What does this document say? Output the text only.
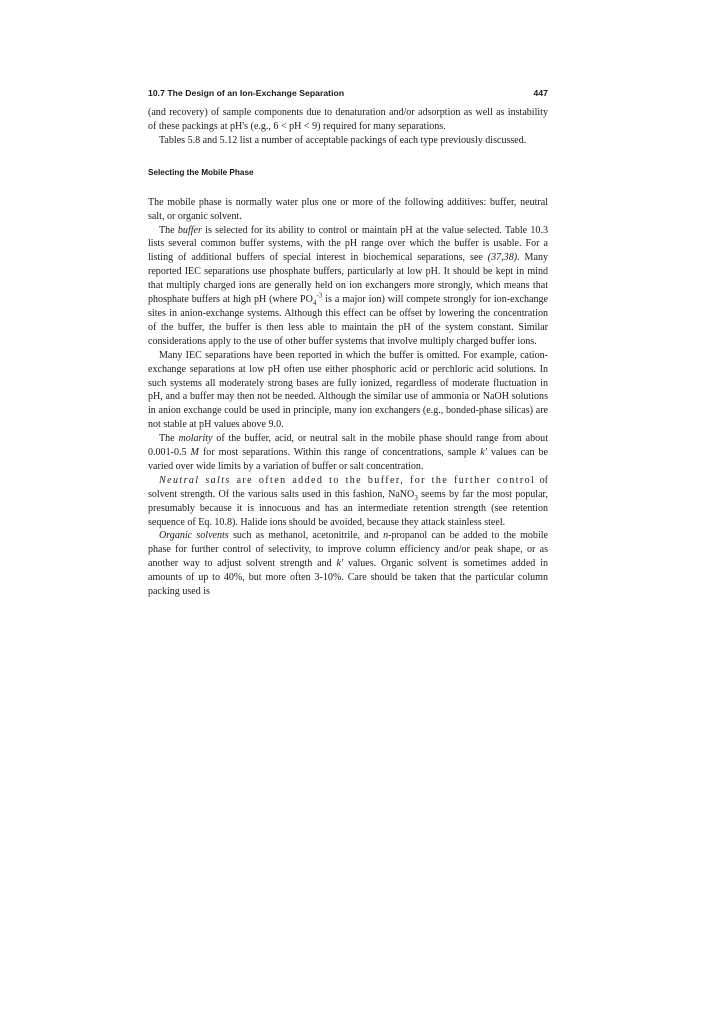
10.7 The Design of an Ion-Exchange Separation	447

(and recovery) of sample components due to denaturation and/or adsorption as well as instability of these packings at pH's (e.g., 6 < pH < 9) required for many separations.

Tables 5.8 and 5.12 list a number of acceptable packings of each type previously discussed.

Selecting the Mobile Phase

The mobile phase is normally water plus one or more of the following additives: buffer, neutral salt, or organic solvent.

The buffer is selected for its ability to control or maintain pH at the value selected. Table 10.3 lists several common buffer systems, with the pH range over which the buffer is usable. For a listing of additional buffers of special interest in biochemical separations, see (37,38). Many reported IEC separations use phosphate buffers, particularly at low pH. It should be kept in mind that multiply charged ions are generally held on ion exchangers more strongly, which means that phosphate buffers at high pH (where $PO_4^{-3}$ is a major ion) will compete strongly for ion-exchange sites in anion-exchange systems. Although this effect can be offset by lowering the concentration of the buffer, the buffer is then less able to maintain the pH of the system constant. Similar considerations apply to the use of other buffer systems that involve multiply charged buffer ions.

Many IEC separations have been reported in which the buffer is omitted. For example, cation-exchange separations at low pH often use either phosphoric acid or perchloric acid solutions. In such systems all moderately strong bases are fully ionized, regardless of moderate fluctuation in pH, and a buffer may then not be needed. Although the similar use of ammonia or NaOH solutions in anion exchange could be used in principle, many ion exchangers (e.g., bonded-phase silicas) are not stable at pH values above 9.0.

The molarity of the buffer, acid, or neutral salt in the mobile phase should range from about 0.001-0.5 M for most separations. Within this range of concentrations, sample k' values can be varied over wide limits by a variation of buffer or salt concentration.

Neutral salts are often added to the buffer, for the further control of solvent strength. Of the various salts used in this fashion, NaNO$_3$ seems by far the most popular, presumably because it is innocuous and has an intermediate retention strength (see retention sequence of Eq. 10.8). Halide ions should be avoided, because they attack stainless steel.

Organic solvents such as methanol, acetonitrile, and n-propanol can be added to the mobile phase for further control of selectivity, to improve column efficiency and/or peak shape, or as another way to adjust solvent strength and k' values. Organic solvent is sometimes added in amounts of up to 40%, but more often 3-10%. Care should be taken that the particular column packing used is
